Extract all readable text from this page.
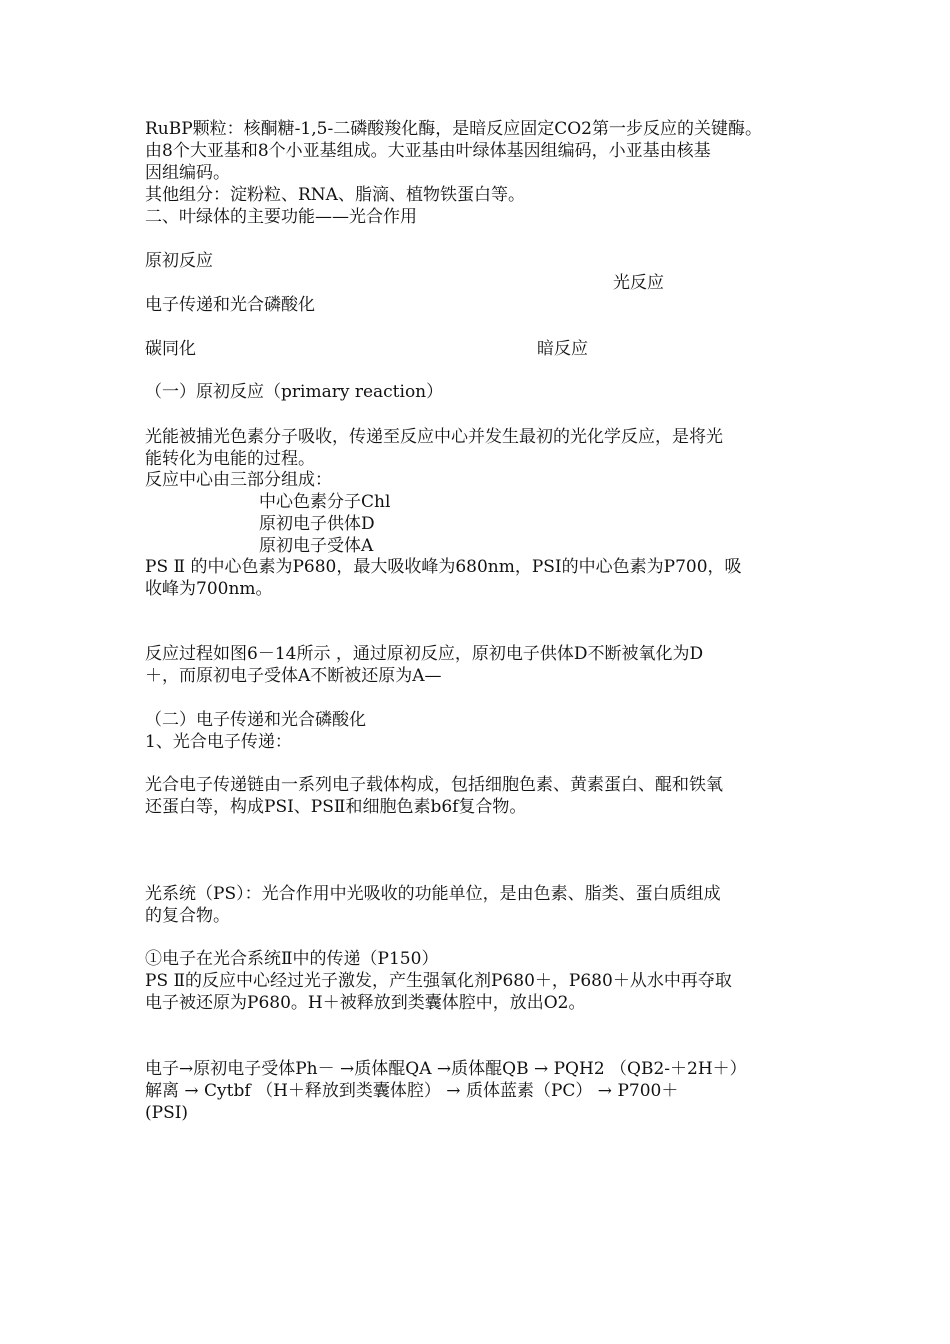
RuBP颗粒：核酮糖-1,5-二磷酸羧化酶，是暗反应固定CO2第一步反应的关键酶。
由8个大亚基和8个小亚基组成。大亚基由叶绿体基因组编码，小亚基由核基
因组编码。
其他组分：淀粉粒、RNA、脂滴、植物铁蛋白等。
二、叶绿体的主要功能——光合作用
原初反应
光反应
电子传递和光合磷酸化
碳同化	暗反应
（一）原初反应（primary reaction）
光能被捕光色素分子吸收，传递至反应中心并发生最初的光化学反应，是将光
能转化为电能的过程。
反应中心由三部分组成：
中心色素分子Chl
原初电子供体D
原初电子受体A
PS Ⅱ 的中心色素为P680，最大吸收峰为680nm，PSⅠ的中心色素为P700，吸
收峰为700nm。
反应过程如图6－14所示 ，通过原初反应，原初电子供体D不断被氧化为D
＋，而原初电子受体A不断被还原为A—
（二）电子传递和光合磷酸化
1、光合电子传递：
光合电子传递链由一系列电子载体构成，包括细胞色素、黄素蛋白、醌和铁氧
还蛋白等，构成PSⅠ、PSⅡ和细胞色素b6f复合物。
光系统（PS）：光合作用中光吸收的功能单位，是由色素、脂类、蛋白质组成
的复合物。
①电子在光合系统Ⅱ中的传递（P150）
PS Ⅱ的反应中心经过光子激发，产生强氧化剂P680＋，P680＋从水中再夺取
电子被还原为P680。H＋被释放到类囊体腔中，放出O2。
电子→原初电子受体Ph－ →质体醌QA →质体醌QB → PQH2 （QB2-＋2H＋）
解离 → Cytbf （H＋释放到类囊体腔） → 质体蓝素（PC） → P700＋
(PSⅠ)
